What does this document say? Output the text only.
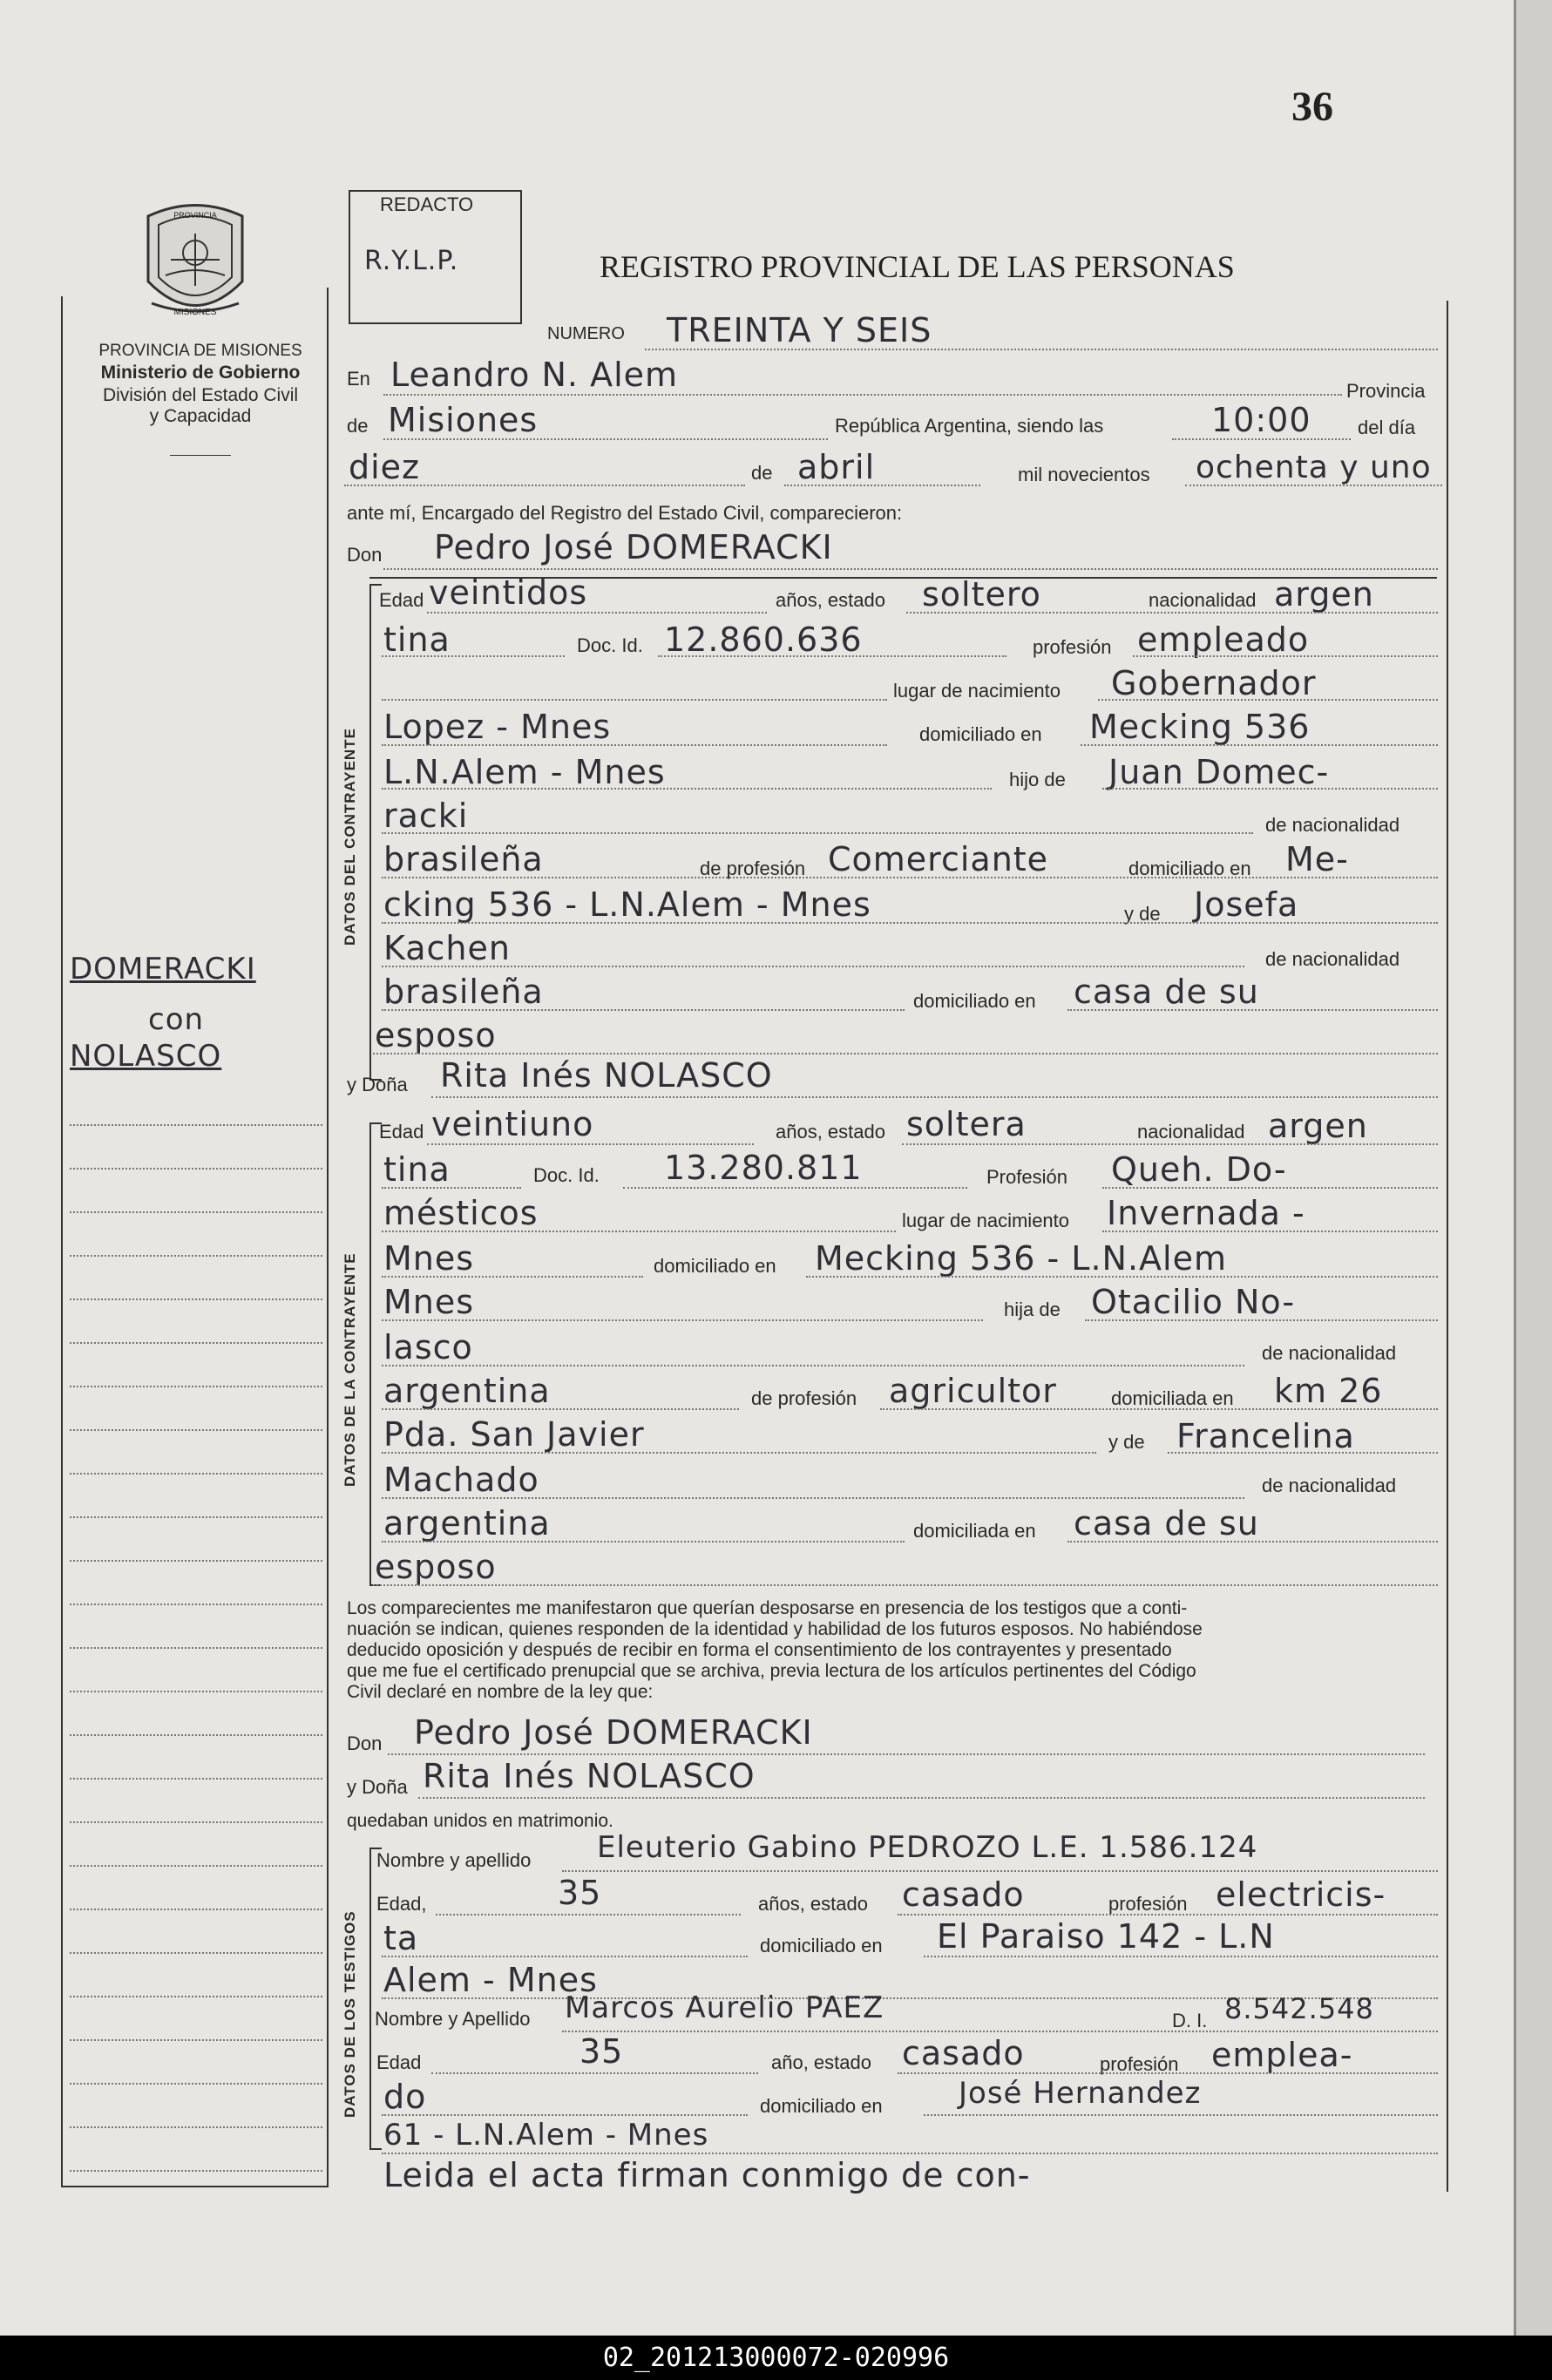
36
PROVINCIA
MISIONES
PROVINCIA DE MISIONES
Ministerio de Gobierno
División del Estado Civil
y Capacidad
DOMERACKI
con
NOLASCO
REDACTO
R.Y.L.P.	REGISTRO PROVINCIAL DE LAS PERSONAS
NUMERO TREINTA Y SEIS
En Leandro N. Alem	Provincia
de Misiones	República Argentina, siendo las	10:00 del día
diez	de abril	mil novecientos ochenta y uno
ante mí, Encargado del Registro del Estado Civil, comparecieron:
Don Pedro José DOMERACKI
DATOS DEL CONTRAYENTE
Edad veintidos	años, estado soltero	nacionalidad argen
tina	Doc. Id. 12.860.636	profesión empleado
lugar de nacimiento Gobernador
Lopez - Mnes	domiciliado en Mecking 536
L.N.Alem - Mnes	hijo de Juan Domec-
racki	de nacionalidad
brasileña	de profesión Comerciante	domiciliado en Me-
cking 536 - L.N.Alem - Mnes	y de Josefa
Kachen	de nacionalidad
brasileña	domiciliado en casa de su
esposo
y Doña Rita Inés NOLASCO
DATOS DE LA CONTRAYENTE
Edad veintiuno	años, estado soltera	nacionalidad argen
tina	Doc. Id. 13.280.811	Profesión Queh. Do-
mésticos	lugar de nacimiento Invernada -
Mnes	domiciliado en Mecking 536 - L.N.Alem
Mnes	hija de Otacilio No-
lasco	de nacionalidad
argentina	de profesión agricultor	domiciliada en km 26
Pda. San Javier	y de Francelina
Machado	de nacionalidad
argentina	domiciliada en casa de su
esposo
Los comparecientes me manifestaron que querían desposarse en presencia de los testigos que a conti-
nuación se indican, quienes responden de la identidad y habilidad de los futuros esposos. No habiéndose
deducido oposición y después de recibir en forma el consentimiento de los contrayentes y presentado
que me fue el certificado prenupcial que se archiva, previa lectura de los artículos pertinentes del Código
Civil declaré en nombre de la ley que:
Don Pedro José DOMERACKI
y Doña Rita Inés NOLASCO
quedaban unidos en matrimonio.
DATOS DE LOS TESTIGOS
Nombre y apellido Eleuterio Gabino PEDROZO L.E. 1.586.124
Edad,	35	años, estado casado	profesión electricis-
ta	domiciliado en El Paraiso 142 - L.N
Alem - Mnes
Nombre y Apellido Marcos Aurelio PAEZ	D. I. 8.542.548
Edad	35	año, estado casado	profesión emplea-
do	domiciliado en	José Hernandez
61 - L.N.Alem - Mnes
Leida el acta firman conmigo de con-
02_201213000072-020996
